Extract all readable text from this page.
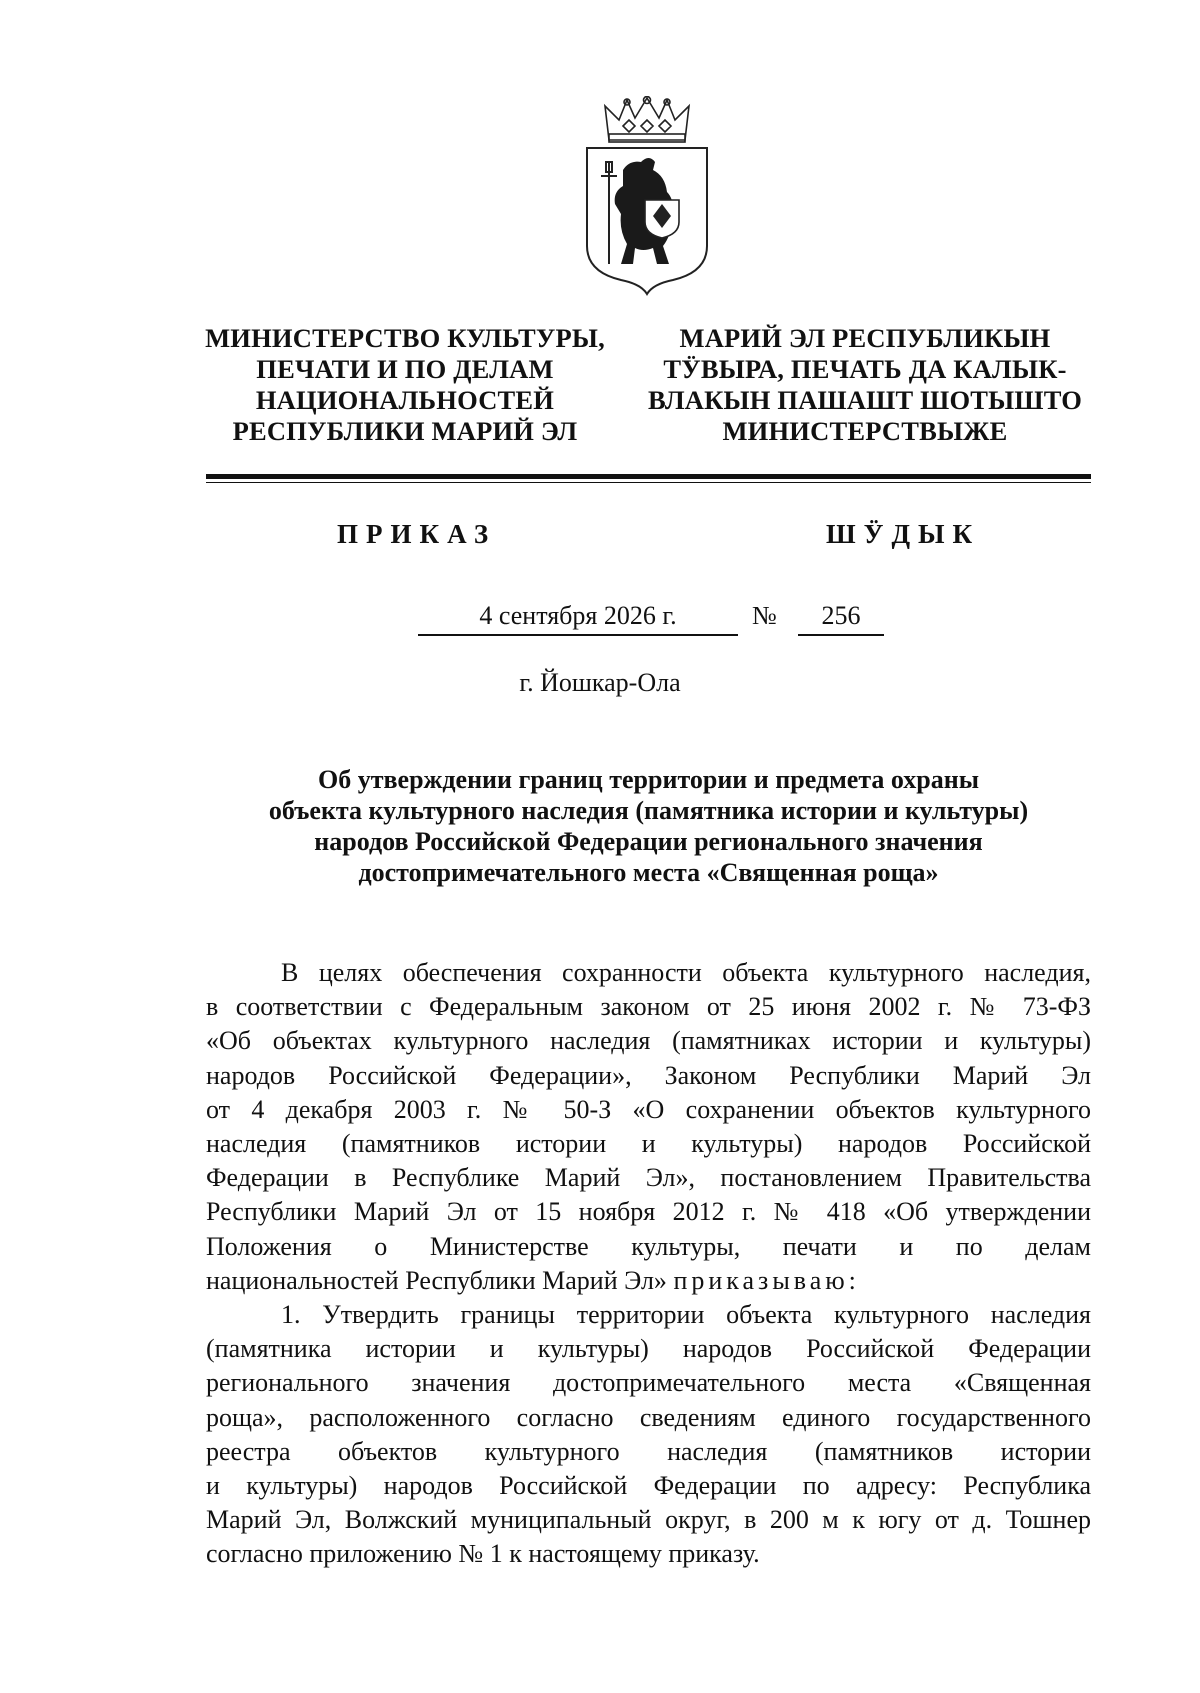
МИНИСТЕРСТВО КУЛЬТУРЫ,
ПЕЧАТИ И ПО ДЕЛАМ
НАЦИОНАЛЬНОСТЕЙ
РЕСПУБЛИКИ МАРИЙ ЭЛ
МАРИЙ ЭЛ РЕСПУБЛИКЫН
ТӰВЫРА, ПЕЧАТЬ ДА КАЛЫК-
ВЛАКЫН ПАШАШТ ШОТЫШТО
МИНИСТЕРСТВЫЖЕ
ПРИКАЗ	ШӰДЫК
4 сентября 2026 г.	№	256
г. Йошкар-Ола
Об утверждении границ территории и предмета охраны
объекта культурного наследия (памятника истории и культуры)
народов Российской Федерации регионального значения
достопримечательного места «Священная роща»
В целях обеспечения сохранности объекта культурного наследия,
в соответствии с Федеральным законом от 25 июня 2002 г. № 73-ФЗ
«Об объектах культурного наследия (памятниках истории и культуры)
народов Российской Федерации», Законом Республики Марий Эл
от 4 декабря 2003 г. № 50-З «О сохранении объектов культурного
наследия (памятников истории и культуры) народов Российской
Федерации в Республике Марий Эл», постановлением Правительства
Республики Марий Эл от 15 ноября 2012 г. № 418 «Об утверждении
Положения о Министерстве культуры, печати и по делам
национальностей Республики Марий Эл» приказываю:
1. Утвердить границы территории объекта культурного наследия
(памятника истории и культуры) народов Российской Федерации
регионального значения достопримечательного места «Священная
роща», расположенного согласно сведениям единого государственного
реестра объектов культурного наследия (памятников истории
и культуры) народов Российской Федерации по адресу: Республика
Марий Эл, Волжский муниципальный округ, в 200 м к югу от д. Тошнер
согласно приложению № 1 к настоящему приказу.
